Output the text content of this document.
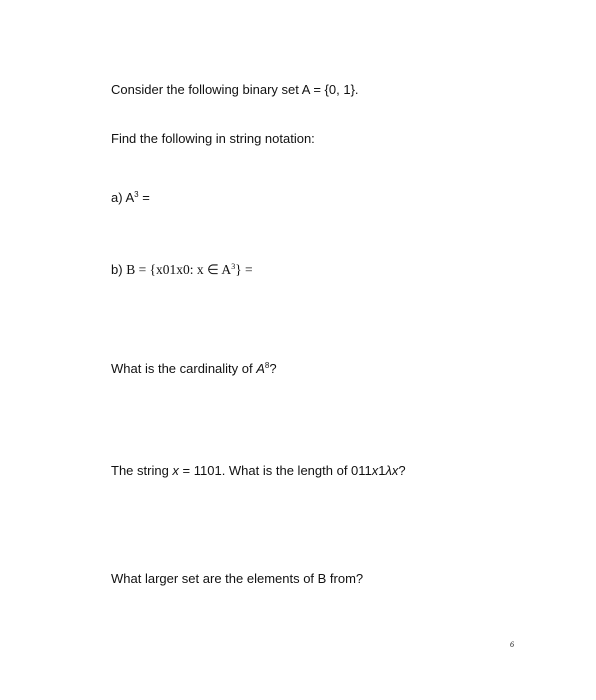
Consider the following binary set A = {0, 1}.
Find the following in string notation:
a) $A^3$ =
b) B = {x01x0: x ∈ $A^3$} =
What is the cardinality of $A^8$?
The string x = 1101. What is the length of 011x1λx?
What larger set are the elements of B from?
6
